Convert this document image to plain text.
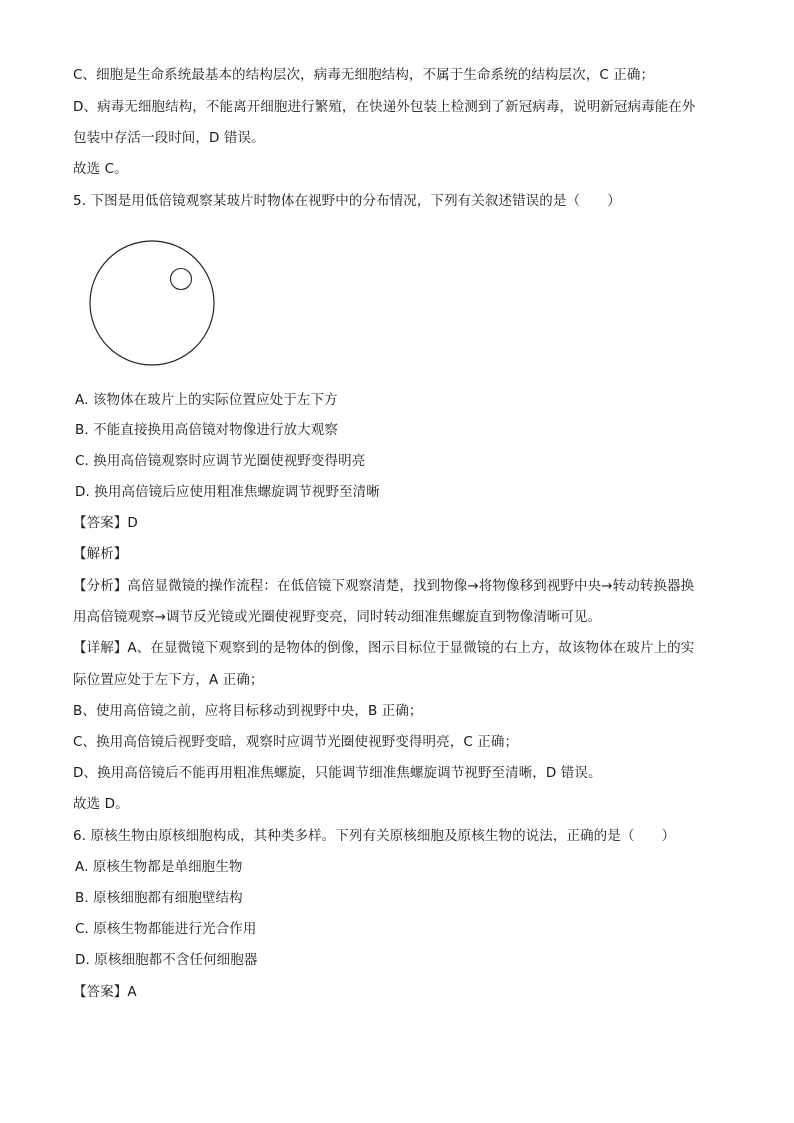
C、细胞是生命系统最基本的结构层次，病毒无细胞结构，不属于生命系统的结构层次，C 正确；
D、病毒无细胞结构，不能离开细胞进行繁殖，在快递外包装上检测到了新冠病毒，说明新冠病毒能在外
包装中存活一段时间，D 错误。
故选 C。
5. 下图是用低倍镜观察某玻片时物体在视野中的分布情况，下列有关叙述错误的是（　　）
A. 该物体在玻片上的实际位置应处于左下方
B. 不能直接换用高倍镜对物像进行放大观察
C. 换用高倍镜观察时应调节光圈使视野变得明亮
D. 换用高倍镜后应使用粗准焦螺旋调节视野至清晰
【答案】D
【解析】
【分析】高倍显微镜的操作流程：在低倍镜下观察清楚，找到物像→将物像移到视野中央→转动转换器换
用高倍镜观察→调节反光镜或光圈使视野变亮，同时转动细准焦螺旋直到物像清晰可见。
【详解】A、在显微镜下观察到的是物体的倒像，图示目标位于显微镜的右上方，故该物体在玻片上的实
际位置应处于左下方，A 正确；
B、使用高倍镜之前，应将目标移动到视野中央，B 正确；
C、换用高倍镜后视野变暗，观察时应调节光圈使视野变得明亮，C 正确；
D、换用高倍镜后不能再用粗准焦螺旋，只能调节细准焦螺旋调节视野至清晰，D 错误。
故选 D。
6. 原核生物由原核细胞构成，其种类多样。下列有关原核细胞及原核生物的说法，正确的是（　　）
A. 原核生物都是单细胞生物
B. 原核细胞都有细胞壁结构
C. 原核生物都能进行光合作用
D. 原核细胞都不含任何细胞器
【答案】A
